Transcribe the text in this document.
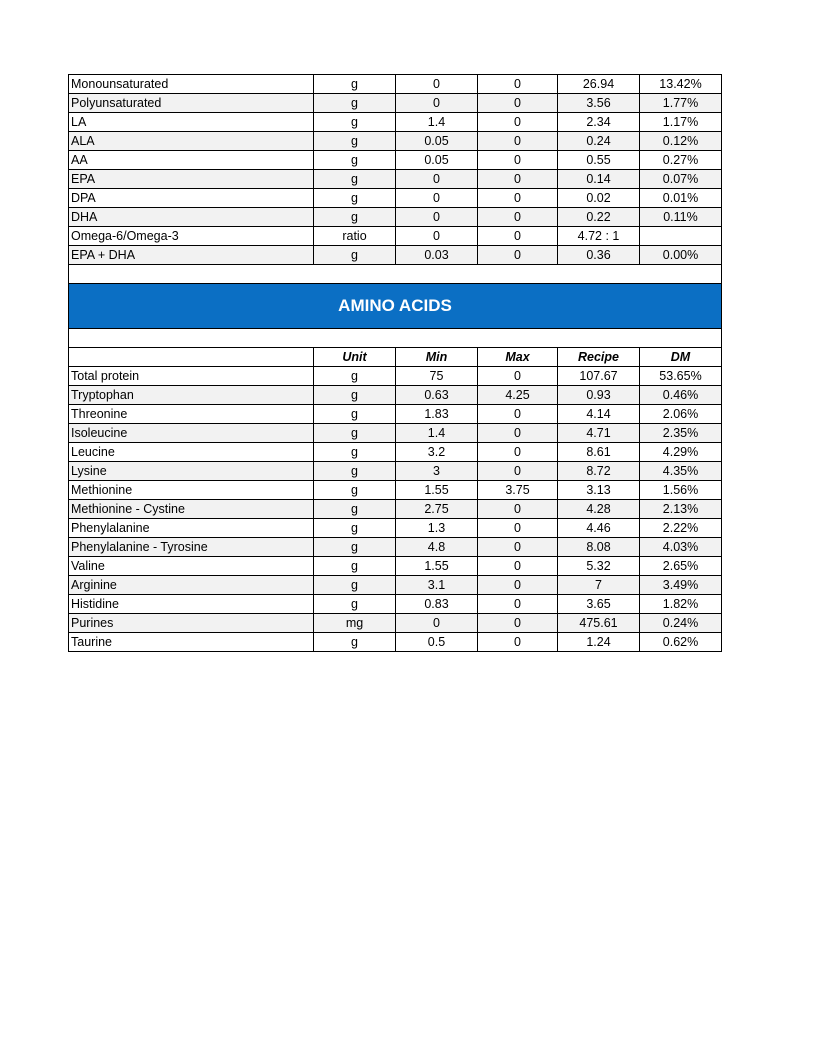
Monounsaturated	g	0	0	26.94	13.42%
Polyunsaturated	g	0	0	3.56	1.77%
LA	g	1.4	0	2.34	1.17%
ALA	g	0.05	0	0.24	0.12%
AA	g	0.05	0	0.55	0.27%
EPA	g	0	0	0.14	0.07%
DPA	g	0	0	0.02	0.01%
DHA	g	0	0	0.22	0.11%
Omega-6/Omega-3	ratio	0	0	4.72 : 1	
EPA + DHA	g	0.03	0	0.36	0.00%

AMINO ACIDS					

	Unit	Min	Max	Recipe	DM
Total protein	g	75	0	107.67	53.65%
Tryptophan	g	0.63	4.25	0.93	0.46%
Threonine	g	1.83	0	4.14	2.06%
Isoleucine	g	1.4	0	4.71	2.35%
Leucine	g	3.2	0	8.61	4.29%
Lysine	g	3	0	8.72	4.35%
Methionine	g	1.55	3.75	3.13	1.56%
Methionine - Cystine	g	2.75	0	4.28	2.13%
Phenylalanine	g	1.3	0	4.46	2.22%
Phenylalanine - Tyrosine	g	4.8	0	8.08	4.03%
Valine	g	1.55	0	5.32	2.65%
Arginine	g	3.1	0	7	3.49%
Histidine	g	0.83	0	3.65	1.82%
Purines	mg	0	0	475.61	0.24%
Taurine	g	0.5	0	1.24	0.62%
